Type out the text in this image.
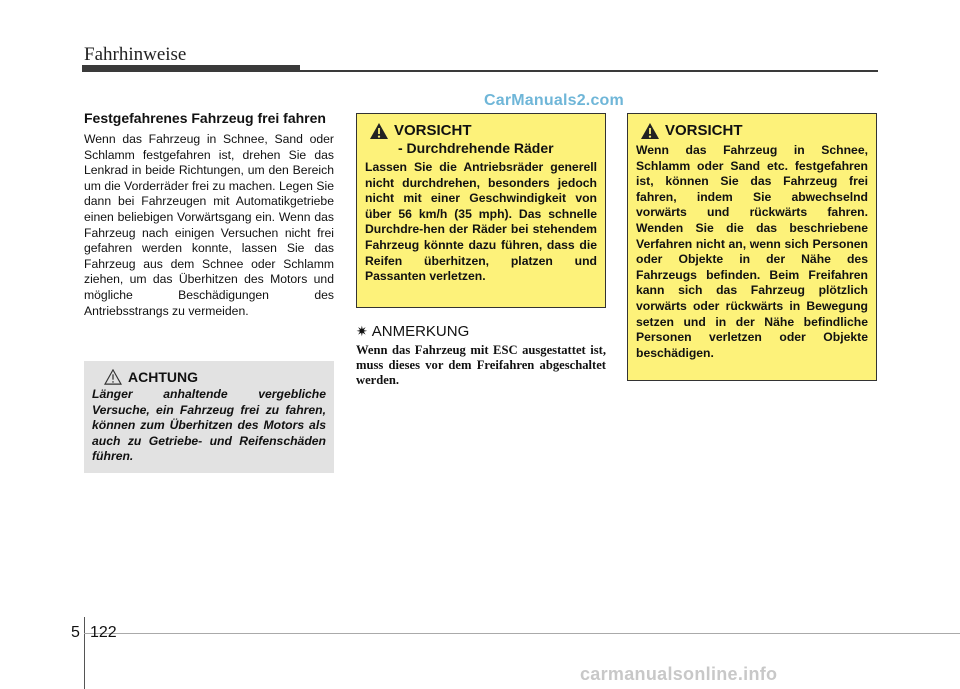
Fahrhinweise
CarManuals2.com
Festgefahrenes Fahrzeug frei fahren

Wenn das Fahrzeug in Schnee, Sand oder Schlamm festgefahren ist, drehen Sie das Lenkrad in beide Richtungen, um den Bereich um die Vorderräder frei zu machen. Legen Sie dann bei Fahrzeugen mit Automatikgetriebe einen beliebigen Vorwärtsgang ein. Wenn das Fahrzeug nach einigen Versuchen nicht frei gefahren werden konnte, lassen Sie das Fahrzeug aus dem Schnee oder Schlamm ziehen, um das Überhitzen des Motors und mögliche Beschädigungen des Antriebsstrangs zu vermeiden.

ACHTUNG
Länger anhaltende vergebliche Versuche, ein Fahrzeug frei zu fahren, können zum Überhitzen des Motors als auch zu Getriebe- und Reifenschäden führen.
VORSICHT
- Durchdrehende Räder
Lassen Sie die Antriebsräder generell nicht durchdrehen, besonders jedoch nicht mit einer Geschwindigkeit von über 56 km/h (35 mph). Das schnelle Durchdre-hen der Räder bei stehendem Fahrzeug könnte dazu führen, dass die Reifen überhitzen, platzen und Passanten verletzen.
✷ ANMERKUNG
Wenn das Fahrzeug mit ESC ausgestattet ist, muss dieses vor dem Freifahren abgeschaltet werden.
VORSICHT
Wenn das Fahrzeug in Schnee, Schlamm oder Sand etc. festgefahren ist, können Sie das Fahrzeug frei fahren, indem Sie abwechselnd vorwärts und rückwärts fahren. Wenden Sie die das beschriebene Verfahren nicht an, wenn sich Personen oder Objekte in der Nähe des Fahrzeugs befinden. Beim Freifahren kann sich das Fahrzeug plötzlich vorwärts oder rückwärts in Bewegung setzen und in der Nähe befindliche Personen verletzen oder Objekte beschädigen.
5 122
carmanualsonline.info
